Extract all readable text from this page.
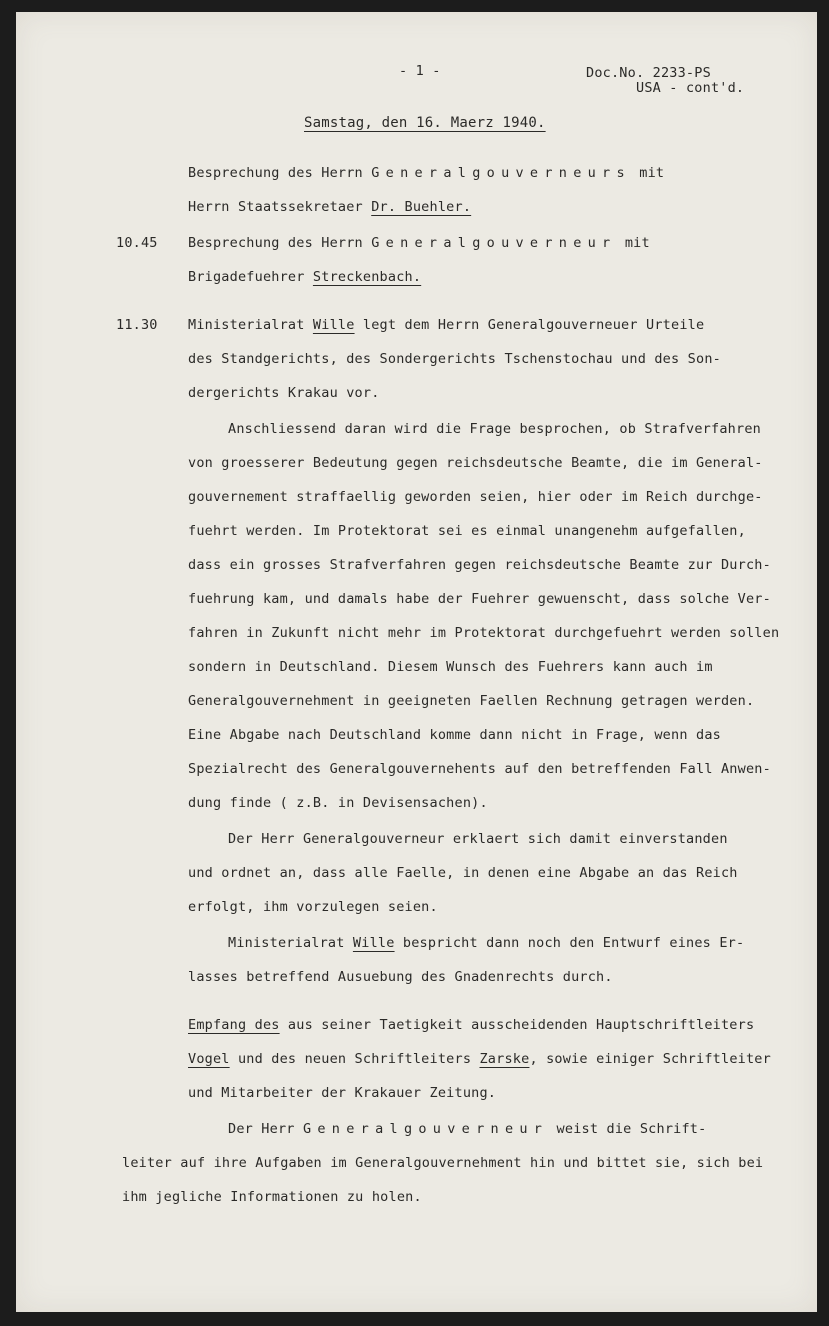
- 1 -	Doc.No. 2233-PS
USA - cont'd.
Samstag, den 16. Maerz 1940.
Besprechung des Herrn Generalgouverneurs mit
Herrn Staatssekretaer Dr. Buehler.
10.45 Besprechung des Herrn Generalgouverneur mit
Brigadefuehrer Streckenbach.
11.30 Ministerialrat Wille legt dem Herrn Generalgouverneuer Urteile
des Standgerichts, des Sondergerichts Tschenstochau und des Son-
dergerichts Krakau vor.
Anschliessend daran wird die Frage besprochen, ob Strafverfahren
von groesserer Bedeutung gegen reichsdeutsche Beamte, die im General-
gouvernement straffaellig geworden seien, hier oder im Reich durchge-
fuehrt werden. Im Protektorat sei es einmal unangenehm aufgefallen,
dass ein grosses Strafverfahren gegen reichsdeutsche Beamte zur Durch-
fuehrung kam, und damals habe der Fuehrer gewuenscht, dass solche Ver-
fahren in Zukunft nicht mehr im Protektorat durchgefuehrt werden sollen
sondern in Deutschland. Diesem Wunsch des Fuehrers kann auch im
Generalgouvernehment in geeigneten Faellen Rechnung getragen werden.
Eine Abgabe nach Deutschland komme dann nicht in Frage, wenn das
Spezialrecht des Generalgouvernehents auf den betreffenden Fall Anwen-
dung finde ( z.B. in Devisensachen).
Der Herr Generalgouverneur erklaert sich damit einverstanden
und ordnet an, dass alle Faelle, in denen eine Abgabe an das Reich
erfolgt, ihm vorzulegen seien.
Ministerialrat Wille bespricht dann noch den Entwurf eines Er-
lasses betreffend Ausuebung des Gnadenrechts durch.
Empfang des aus seiner Taetigkeit ausscheidenden Hauptschriftleiters
Vogel und des neuen Schriftleiters Zarske, sowie einiger Schriftleiter
und Mitarbeiter der Krakauer Zeitung.
Der Herr Generalgouverneur weist die Schrift-
leiter auf ihre Aufgaben im Generalgouvernehment hin und bittet sie, sich bei
ihm jegliche Informationen zu holen.
